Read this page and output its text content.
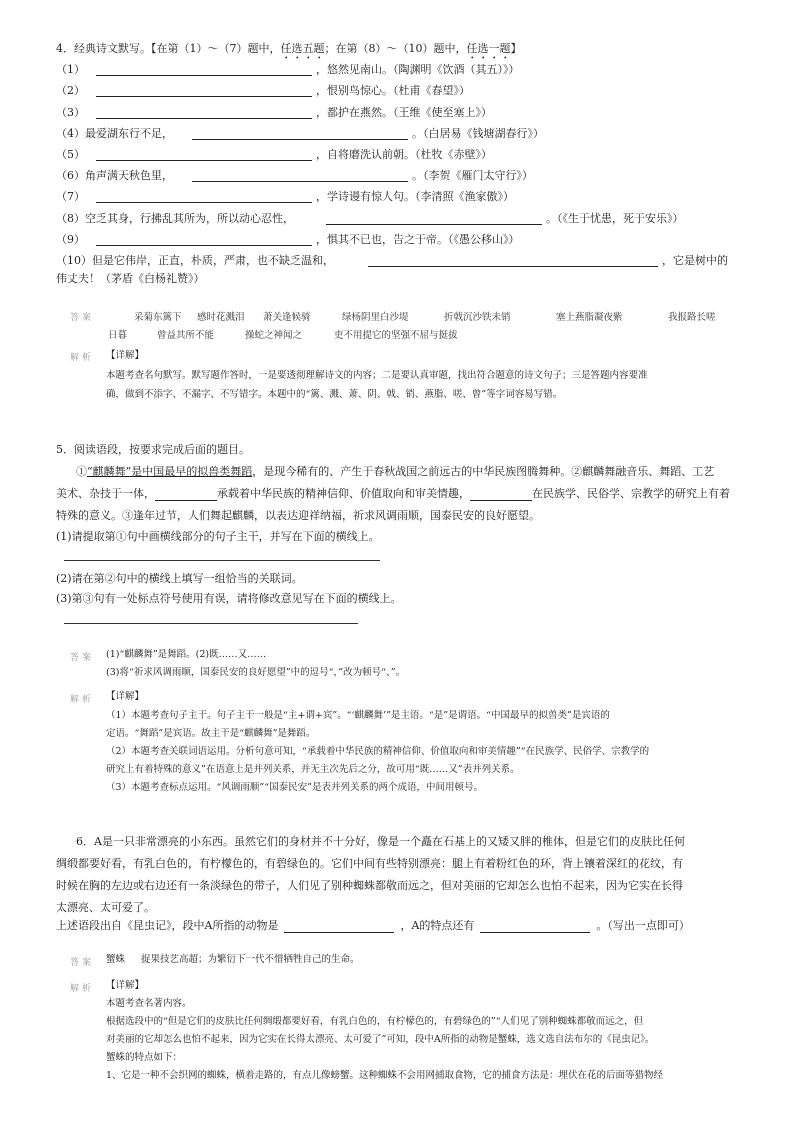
4．经典诗文默写。【在第（1）～（7）题中，任选五题；在第（8）～（10）题中，任选一题】
（1）	，悠然见南山。（陶渊明《饮酒（其五）》）
（2）	，恨别鸟惊心。（杜甫《春望》）
（3）	，都护在燕然。（王维《使至塞上》）
（4）最爱湖东行不足，	。（白居易《钱塘湖春行》）
（5）	，自将磨洗认前朝。（杜牧《赤壁》）
（6）角声满天秋色里，	。（李贺《雁门太守行》）
（7）	，学诗谩有惊人句。（李清照《渔家傲》）
（8）空乏其身，行拂乱其所为，所以动心忍性，	。（《生于忧患，死于安乐》）
（9）	，惧其不已也，告之于帝。（《愚公移山》）
（10）但是它伟岸，正直，朴质，严肃，也不缺乏温和，	，它是树中的
伟丈夫！（茅盾《白杨礼赞》）
答案	采菊东篱下 感时花溅泪 萧关逢候骑	绿杨阴里白沙堤	折戟沉沙铁未销	塞上燕脂凝夜紫	我报路长嗟
日暮	曾益其所不能	操蛇之神闻之	吏不用提它的坚强不屈与挺拔
解析 【详解】
本题考查名句默写。默写题作答时，一是要透彻理解诗文的内容；二是要认真审题，找出符合题意的诗文句子；三是答题内容要准
确，做到不添字、不漏字、不写错字。本题中的“篱、溅、萧、阴、戟、销、燕脂、嗟、曾”等字词容易写错。
5．阅读语段，按要求完成后面的题目。
①“麒麟舞”是中国最早的拟兽类舞蹈，是现今稀有的、产生于春秋战国之前远古的中华民族图腾舞种。②麒麟舞融音乐、舞蹈、工艺
美术、杂技于一体，	承载着中华民族的精神信仰、价值取向和审美情趣，	在民族学、民俗学、宗教学的研究上有着
特殊的意义。③逢年过节，人们舞起麒麟，以表达迎祥纳福，祈求风调雨顺，国泰民安的良好愿望。
(1)请提取第①句中画横线部分的句子主干，并写在下面的横线上。
(2)请在第②句中的横线上填写一组恰当的关联词。
(3)第③句有一处标点符号使用有误，请将修改意见写在下面的横线上。
答案 (1)“麒麟舞”是舞蹈。(2)既……又……
(3)将“祈求风调雨顺，国泰民安的良好愿望”中的逗号“，”改为顿号“、”。
解析 【详解】
（1）本题考查句子主干。句子主干一般是“主+谓+宾”。“‘麒麟舞’”是主语。“是”是谓语。“中国最早的拟兽类”是宾语的
定语。“舞蹈”是宾语。故主干是“麒麟舞”是舞蹈。
（2）本题考查关联词语运用。分析句意可知，“承载着中华民族的精神信仰、价值取向和审美情趣”“在民族学、民俗学、宗教学的
研究上有着特殊的意义”在语意上是并列关系，并无主次先后之分，故可用“既……又”表并列关系。
（3）本题考查标点运用。“风调雨顺”“国泰民安”是表并列关系的两个成语，中间用顿号。
6．A是一只非常漂亮的小东西。虽然它们的身材并不十分好，像是一个矗在石基上的又矮又胖的椎体，但是它们的皮肤比任何
绸缎都要好看，有乳白色的，有柠檬色的，有碧绿色的。它们中间有些特别漂亮：腿上有着粉红色的环，背上镶着深红的花纹，有
时候在胸的左边或右边还有一条淡绿色的带子，人们见了别种蜘蛛都敬而远之，但对美丽的它却怎么也怕不起来，因为它实在长得
太漂亮、太可爱了。
上述语段出自《昆虫记》，段中A所指的动物是	，A的特点还有	。（写出一点即可）
答案 蟹蛛 捉果技艺高超；为繁衍下一代不惜牺牲自己的生命。
解析 【详解】
本题考查名著内容。
根据选段中的“但是它们的皮肤比任何绸缎都要好看，有乳白色的，有柠檬色的，有碧绿色的”“人们见了别种蜘蛛都敬而远之，但
对美丽的它却怎么也怕不起来，因为它实在长得太漂亮、太可爱了”可知，段中A所指的动物是蟹蛛，选文选自法布尔的《昆虫记》。
蟹蛛的特点如下：
1、它是一种不会织网的蜘蛛，横着走路的，有点儿像螃蟹。这种蜘蛛不会用网捕取食物，它的捕食方法是：埋伏在花的后面等猎物经
